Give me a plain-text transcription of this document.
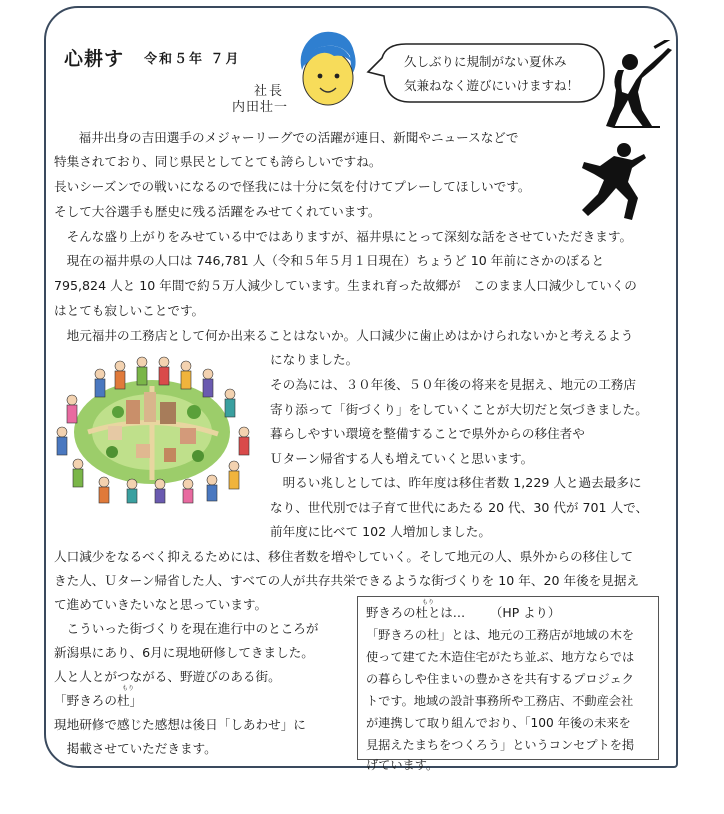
心耕す 令和５年 ７月
社長
内田壮一
久しぶりに規制がない夏休み
気兼ねなく遊びにいけますね！
　福井出身の吉田選手のメジャーリーグでの活躍が連日、新聞やニュースなどで
特集されており、同じ県民としてとても誇らしいですね。
長いシーズンでの戦いになるので怪我には十分に気を付けてプレーしてほしいです。
そして大谷選手も歴史に残る活躍をみせてくれています。
　そんな盛り上がりをみせている中ではありますが、福井県にとって深刻な話をさせていただきます。
　現在の福井県の人口は 746,781 人（令和５年５月１日現在）ちょうど 10 年前にさかのぼると
795,824 人と 10 年間で約５万人減少しています。生まれ育った故郷が　このまま人口減少していくの
はとても寂しいことです。
　地元福井の工務店として何か出来ることはないか。人口減少に歯止めはかけられないかと考えるよう
になりました。
その為には、３０年後、５０年後の将来を見据え、地元の工務店
寄り添って「街づくり」をしていくことが大切だと気づきました。
暮らしやすい環境を整備することで県外からの移住者や
Ｕターン帰省する人も増えていくと思います。
　明るい兆しとしては、昨年度は移住者数 1,229 人と過去最多に
なり、世代別では子育て世代にあたる 20 代、30 代が 701 人で、
前年度に比べて 102 人増加しました。
人口減少をなるべく抑えるためには、移住者数を増やしていく。そして地元の人、県外からの移住して
きた人、Ｕターン帰省した人、すべての人が共存共栄できるような街づくりを 10 年、20 年後を見据え
て進めていきたいなと思っています。
　こういった街づくりを現在進行中のところが
新潟県にあり、6月に現地研修してきました。
人と人とがつながる、野遊びのある街。
「野きろの杜」
もり
現地研修で感じた感想は後日「しあわせ」に
　掲載させていただきます。
もり
野きろの杜とは… （HP より）
「野きろの杜」とは、地元の工務店が地域の木を
使って建てた木造住宅がたち並ぶ、地方ならでは
の暮らしや住まいの豊かさを共有するプロジェク
トです。地域の設計事務所や工務店、不動産会社
が連携して取り組んでおり、「100 年後の未来を
見据えたまちをつくろう」というコンセプトを掲
げています。
